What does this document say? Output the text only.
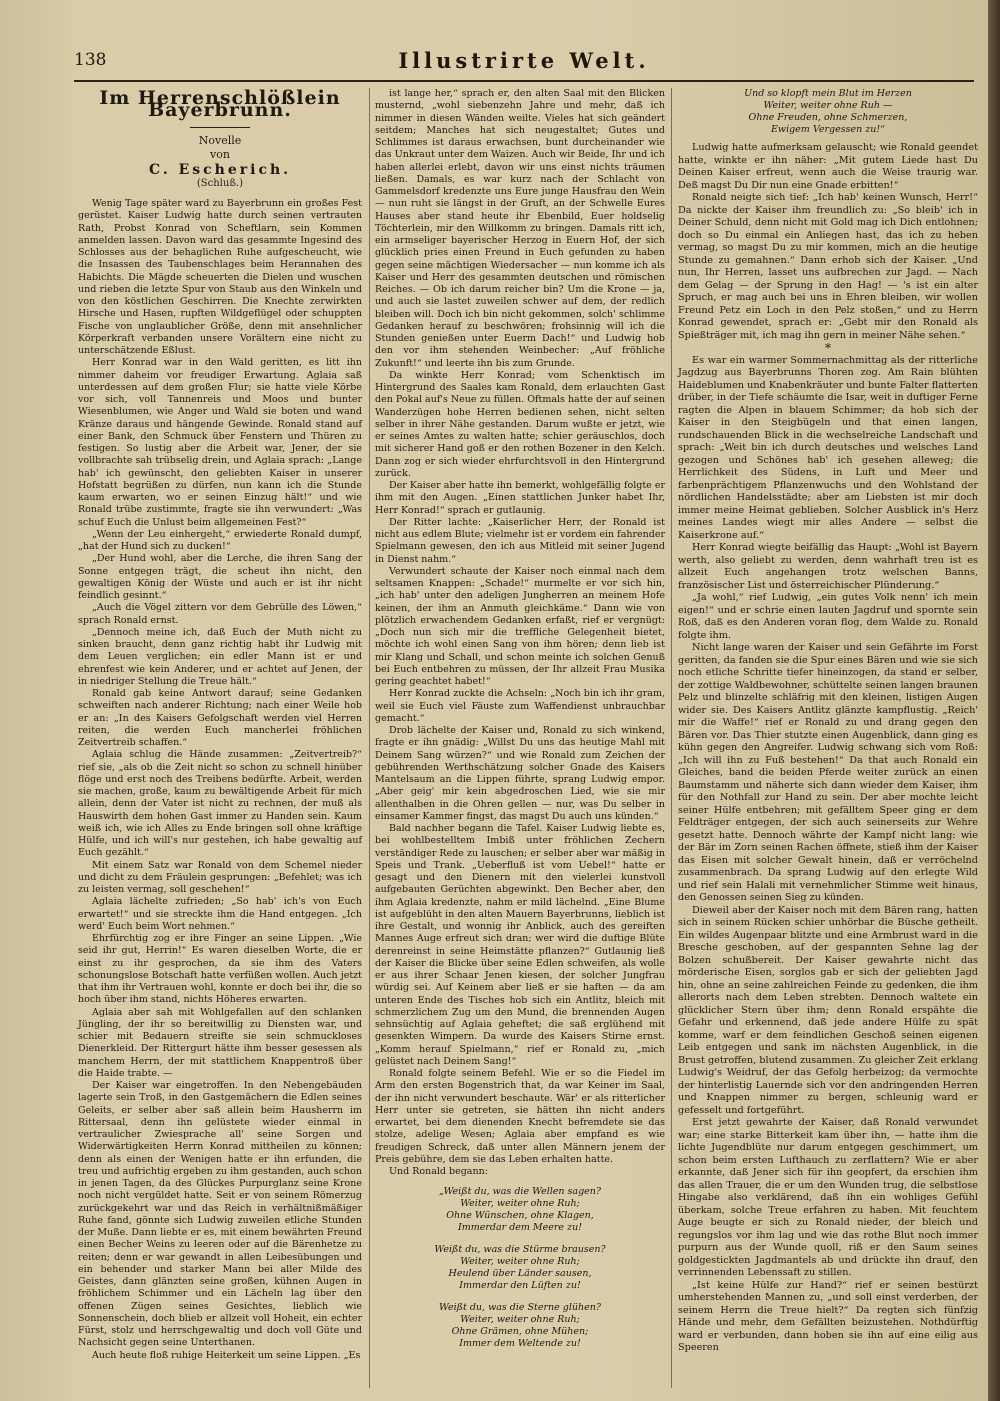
138	Illustrirte Welt.
Im Herrenschlößlein Bayerbrunn.
Novelle
von
C. Escherich.
(Schluß.)

Wenig Tage später ward zu Bayerbrunn ein großes Fest gerüstet. Kaiser Ludwig hatte durch seinen vertrauten Rath, Probst Konrad von Scheftlarn, sein Kommen anmelden lassen. Davon ward das gesammte Ingesind des Schlosses aus der behaglichen Ruhe aufgescheucht, wie die Insassen des Taubenschlages beim Herannahen des Habichts. Die Mägde scheuerten die Dielen und wuschen und rieben die letzte Spur von Staub aus den Winkeln und von den köstlichen Geschirren. Die Knechte zerwirkten Hirsche und Hasen, rupften Wildgeflügel oder schuppten Fische von unglaublicher Größe, denn mit ansehnlicher Körperkraft verbanden unsere Vorältern eine nicht zu unterschätzende Eßlust.

Herr Konrad war in den Wald geritten, es litt ihn nimmer daheim vor freudiger Erwartung. Aglaia saß unterdessen auf dem großen Flur; sie hatte viele Körbe vor sich, voll Tannenreis und Moos und bunter Wiesenblumen, wie Anger und Wald sie boten und wand Kränze daraus und hängende Gewinde. Ronald stand auf einer Bank, den Schmuck über Fenstern und Thüren zu festigen. So lustig aber die Arbeit war, Jener, der sie vollbrachte sah trübselig drein, und Aglaia sprach: „Lange hab' ich gewünscht, den geliebten Kaiser in unserer Hofstatt begrüßen zu dürfen, nun kann ich die Stunde kaum erwarten, wo er seinen Einzug hält!“ und wie Ronald trübe zustimmte, fragte sie ihn verwundert: „Was schuf Euch die Unlust beim allgemeinen Fest?“

„Wenn der Leu einhergeht,“ erwiederte Ronald dumpf, „hat der Hund sich zu ducken!“

„Der Hund wohl, aber die Lerche, die ihren Sang der Sonne entgegen trägt, die scheut ihn nicht, den gewaltigen König der Wüste und auch er ist ihr nicht feindlich gesinnt.“

„Auch die Vögel zittern vor dem Gebrülle des Löwen,“ sprach Ronald ernst.

„Dennoch meine ich, daß Euch der Muth nicht zu sinken braucht, denn ganz richtig habt ihr Ludwig mit dem Leuen verglichen; ein edler Mann ist er und ehrenfest wie kein Anderer, und er achtet auf Jenen, der in niedriger Stellung die Treue hält.“

Ronald gab keine Antwort darauf; seine Gedanken schweiften nach anderer Richtung; nach einer Weile hob er an: „In des Kaisers Gefolgschaft werden viel Herren reiten, die werden Euch mancherlei fröhlichen Zeitvertreib schaffen.“

Aglaia schlug die Hände zusammen: „Zeitvertreib?“ rief sie, „als ob die Zeit nicht so schon zu schnell hinüber flöge und erst noch des Treibens bedürfte. Arbeit, werden sie machen, große, kaum zu bewältigende Arbeit für mich allein, denn der Vater ist nicht zu rechnen, der muß als Hauswirth dem hohen Gast immer zu Handen sein. Kaum weiß ich, wie ich Alles zu Ende bringen soll ohne kräftige Hülfe, und ich will's nur gestehen, ich habe gewaltig auf Euch gezählt.“

Mit einem Satz war Ronald von dem Schemel nieder und dicht zu dem Fräulein gesprungen: „Befehlet; was ich zu leisten vermag, soll geschehen!“

Aglaia lächelte zufrieden; „So hab' ich's von Euch erwartet!“ und sie streckte ihm die Hand entgegen. „Ich werd' Euch beim Wort nehmen.“

Ehrfürchtig zog er ihre Finger an seine Lippen. „Wie seid ihr gut, Herrin!“ Es waren dieselben Worte, die er einst zu ihr gesprochen, da sie ihm des Vaters schonungslose Botschaft hatte verfüßen wollen. Auch jetzt that ihm ihr Vertrauen wohl, konnte er doch bei ihr, die so hoch über ihm stand, nichts Höheres erwarten.

Aglaia aber sah mit Wohlgefallen auf den schlanken Jüngling, der ihr so bereitwillig zu Diensten war, und schier mit Bedauern streifte sie sein schmuckloses Dienerkleid. Der Rittergurt hätte ihm besser gesessen als manchem Herrn, der mit stattlichem Knappentroß über die Haide trabte. —

Der Kaiser war eingetroffen. In den Nebengebäuden lagerte sein Troß, in den Gastgemächern die Edlen seines Geleits, er selber aber saß allein beim Hausherrn im Rittersaal, denn ihn gelüstete wieder einmal in vertraulicher Zwiesprache all' seine Sorgen und Widerwärtigkeiten Herrn Konrad mittheilen zu können; denn als einen der Wenigen hatte er ihn erfunden, die treu und aufrichtig ergeben zu ihm gestanden, auch schon in jenen Tagen, da des Glückes Purpurglanz seine Krone noch nicht vergüldet hatte. Seit er von seinem Römerzug zurückgekehrt war und das Reich in verhältnißmäßiger Ruhe fand, gönnte sich Ludwig zuweilen etliche Stunden der Muße. Dann liebte er es, mit einem bewährten Freund einen Becher Weins zu leeren oder auf die Bärenhetze zu reiten; denn er war gewandt in allen Leibesübungen und ein behender und starker Mann bei aller Milde des Geistes, dann glänzten seine großen, kühnen Augen in fröhlichem Schimmer und ein Lächeln lag über den offenen Zügen seines Gesichtes, lieblich wie Sonnenschein, doch blieb er allzeit voll Hoheit, ein echter Fürst, stolz und herrschgewaltig und doch voll Güte und Nachsicht gegen seine Unterthanen.

Auch heute floß ruhige Heiterkeit um seine Lippen. „Es

ist lange her,“ sprach er, den alten Saal mit den Blicken musternd, „wohl siebenzehn Jahre und mehr, daß ich nimmer in diesen Wänden weilte. Vieles hat sich geändert seitdem; Manches hat sich neugestaltet; Gutes und Schlimmes ist daraus erwachsen, bunt durcheinander wie das Unkraut unter dem Waizen. Auch wir Beide, Ihr und ich haben allerlei erlebt, davon wir uns einst nichts träumen ließen. Damals, es war kurz nach der Schlacht von Gammelsdorf kredenzte uns Eure junge Hausfrau den Wein — nun ruht sie längst in der Gruft, an der Schwelle Eures Hauses aber stand heute ihr Ebenbild, Euer holdselig Töchterlein, mir den Willkomm zu bringen. Damals ritt ich, ein armseliger bayerischer Herzog in Euern Hof, der sich glücklich pries einen Freund in Euch gefunden zu haben gegen seine mächtigen Wiedersacher — nun komme ich als Kaiser und Herr des gesammten deutschen und römischen Reiches. — Ob ich darum reicher bin? Um die Krone — ja, und auch sie lastet zuweilen schwer auf dem, der redlich bleiben will. Doch ich bin nicht gekommen, solch' schlimme Gedanken herauf zu beschwören; frohsinnig will ich die Stunden genießen unter Euerm Dach!“ und Ludwig hob den vor ihm stehenden Weinbecher: „Auf fröhliche Zukunft!“ und leerte ihn bis zum Grunde.

Da winkte Herr Konrad; vom Schenktisch im Hintergrund des Saales kam Ronald, dem erlauchten Gast den Pokal auf's Neue zu füllen. Oftmals hatte der auf seinen Wanderzügen hohe Herren bedienen sehen, nicht selten selber in ihrer Nähe gestanden. Darum wußte er jetzt, wie er seines Amtes zu walten hatte; schier geräuschlos, doch mit sicherer Hand goß er den rothen Bozener in den Kelch. Dann zog er sich wieder ehrfurchtsvoll in den Hintergrund zurück.

Der Kaiser aber hatte ihn bemerkt, wohlgefällig folgte er ihm mit den Augen. „Einen stattlichen Junker habet Ihr, Herr Konrad!“ sprach er gutlaunig.

Der Ritter lachte: „Kaiserlicher Herr, der Ronald ist nicht aus edlem Blute; vielmehr ist er vordem ein fahrender Spielmann gewesen, den ich aus Mitleid mit seiner Jugend in Dienst nahm.“

Verwundert schaute der Kaiser noch einmal nach dem seltsamen Knappen: „Schade!“ murmelte er vor sich hin, „ich hab' unter den adeligen Jungherren an meinem Hofe keinen, der ihm an Anmuth gleichkäme.“ Dann wie von plötzlich erwachendem Gedanken erfaßt, rief er vergnügt: „Doch nun sich mir die treffliche Gelegenheit bietet, möchte ich wohl einen Sang von ihm hören; denn lieb ist mir Klang und Schall, und schon meinte ich solchen Genuß bei Euch entbehren zu müssen, der Ihr allzeit Frau Musika gering geachtet habet!“

Herr Konrad zuckte die Achseln: „Noch bin ich ihr gram, weil sie Euch viel Fäuste zum Waffendienst unbrauchbar gemacht.“

Drob lächelte der Kaiser und, Ronald zu sich winkend, fragte er ihn gnädig: „Willst Du uns das heutige Mahl mit Deinem Sang würzen?“ und wie Ronald zum Zeichen der gebührenden Werthschätzung solcher Gnade des Kaisers Mantelsaum an die Lippen führte, sprang Ludwig empor. „Aber geig' mir kein abgedroschen Lied, wie sie mir allenthalben in die Ohren gellen — nur, was Du selber in einsamer Kammer fingst, das magst Du auch uns künden.“

Bald nachher begann die Tafel. Kaiser Ludwig liebte es, bei wohlbestelltem Imbiß unter fröhlichen Zechern verständiger Rede zu lauschen; er selber aber war mäßig in Speis und Trank. „Ueberfluß ist vom Uebel!“ hatte er gesagt und den Dienern mit den vielerlei kunstvoll aufgebauten Gerüchten abgewinkt. Den Becher aber, den ihm Aglaia kredenzte, nahm er mild lächelnd. „Eine Blume ist aufgeblüht in den alten Mauern Bayerbrunns, lieblich ist ihre Gestalt, und wonnig ihr Anblick, auch des gereiften Mannes Auge erfreut sich dran; wer wird die duftige Blüte derenreinst in seine Heimstätte pflanzen?“ Gutlaunig ließ der Kaiser die Blicke über seine Edlen schweifen, als wolle er aus ihrer Schaar Jenen kiesen, der solcher Jungfrau würdig sei. Auf Keinem aber ließ er sie haften — da am unteren Ende des Tisches hob sich ein Antlitz, bleich mit schmerzlichem Zug um den Mund, die brennenden Augen sehnsüchtig auf Aglaia geheftet; die saß erglühend mit gesenkten Wimpern. Da wurde des Kaisers Stirne ernst. „Komm herauf Spielmann,“ rief er Ronald zu, „mich gelüstet nach Deinem Sang!“

Ronald folgte seinem Befehl. Wie er so die Fiedel im Arm den ersten Bogenstrich that, da war Keiner im Saal, der ihn nicht verwundert beschaute. Wär' er als ritterlicher Herr unter sie getreten, sie hätten ihn nicht anders erwartet, bei dem dienenden Knecht befremdete sie das stolze, adelige Wesen; Aglaia aber empfand es wie freudigen Schreck, daß unter allen Männern jenem der Preis gebühre, dem sie das Leben erhalten hatte.

Und Ronald begann:

„Weißt du, was die Wellen sagen?
Weiter, weiter ohne Ruh;
Ohne Wünschen, ohne Klagen,
Immerdar dem Meere zu!
Weißt du, was die Stürme brausen?
Weiter, weiter ohne Ruh;
Heulend über Länder sausen,
Immerdar den Lüften zu!
Weißt du, was die Sterne glühen?
Weiter, weiter ohne Ruh;
Ohne Grämen, ohne Mühen;
Immer dem Weltende zu!
Und so klopft mein Blut im Herzen
Weiter, weiter ohne Ruh —
Ohne Freuden, ohne Schmerzen,
Ewigem Vergessen zu!“

Ludwig hatte aufmerksam gelauscht; wie Ronald geendet hatte, winkte er ihn näher: „Mit gutem Liede hast Du Deinen Kaiser erfreut, wenn auch die Weise traurig war. Deß magst Du Dir nun eine Gnade erbitten!“

Ronald neigte sich tief: „Ich hab' keinen Wunsch, Herr!“ Da nickte der Kaiser ihm freundlich zu: „So bleib' ich in Deiner Schuld, denn nicht mit Gold mag ich Dich entlohnen; doch so Du einmal ein Anliegen hast, das ich zu heben vermag, so magst Du zu mir kommen, mich an die heutige Stunde zu gemahnen.“ Dann erhob sich der Kaiser. „Und nun, Ihr Herren, lasset uns aufbrechen zur Jagd. — Nach dem Gelag — der Sprung in den Hag! — 's ist ein alter Spruch, er mag auch bei uns in Ehren bleiben, wir wollen Freund Petz ein Loch in den Pelz stoßen,“ und zu Herrn Konrad gewendet, sprach er: „Gebt mir den Ronald als Spießträger mit, ich mag ihn gern in meiner Nähe sehen.“

*

Es war ein warmer Sommernachmittag als der ritterliche Jagdzug aus Bayerbrunns Thoren zog. Am Rain blühten Haideblumen und Knabenkräuter und bunte Falter flatterten drüber, in der Tiefe schäumte die Isar, weit in duftiger Ferne ragten die Alpen in blauem Schimmer; da hob sich der Kaiser in den Steigbügeln und that einen langen, rundschauenden Blick in die wechselreiche Landschaft und sprach: „Weit bin ich durch deutsches und welsches Land gezogen und Schönes hab' ich gesehen alleweg; die Herrlichkeit des Südens, in Luft und Meer und farbenprächtigem Pflanzenwuchs und den Wohlstand der nördlichen Handelsstädte; aber am Liebsten ist mir doch immer meine Heimat geblieben. Solcher Ausblick in's Herz meines Landes wiegt mir alles Andere — selbst die Kaiserkrone auf.“

Herr Konrad wiegte beifällig das Haupt: „Wohl ist Bayern werth, also geliebt zu werden, denn wahrhaft treu ist es allzeit Euch angehangen trotz welschen Banns, französischer List und österreichischer Plünderung.“

„Ja wohl,“ rief Ludwig, „ein gutes Volk nenn' ich mein eigen!“ und er schrie einen lauten Jagdruf und spornte sein Roß, daß es den Anderen voran flog, dem Walde zu. Ronald folgte ihm.

Nicht lange waren der Kaiser und sein Gefährte im Forst geritten, da fanden sie die Spur eines Bären und wie sie sich noch etliche Schritte tiefer hineinzogen, da stand er selber, der zottige Waldbewohner, schüttelte seinen langen braunen Pelz und blinzelte schläfrig mit den kleinen, listigen Augen wider sie. Des Kaisers Antlitz glänzte kampflustig. „Reich' mir die Waffe!“ rief er Ronald zu und drang gegen den Bären vor. Das Thier stutzte einen Augenblick, dann ging es kühn gegen den Angreifer. Ludwig schwang sich vom Roß: „Ich will ihn zu Fuß bestehen!“ Da that auch Ronald ein Gleiches, band die beiden Pferde weiter zurück an einen Baumstamm und näherte sich dann wieder dem Kaiser, ihm für den Nothfall zur Hand zu sein. Der aber mochte leicht seiner Hülfe entbehren; mit gefälltem Speer ging er dem Feldträger entgegen, der sich auch seinerseits zur Wehre gesetzt hatte. Dennoch währte der Kampf nicht lang: wie der Bär im Zorn seinen Rachen öffnete, stieß ihm der Kaiser das Eisen mit solcher Gewalt hinein, daß er verröchelnd zusammenbrach. Da sprang Ludwig auf den erlegte Wild und rief sein Halali mit vernehmlicher Stimme weit hinaus, den Genossen seinen Sieg zu künden.

Dieweil aber der Kaiser noch mit dem Bären rang, hatten sich in seinem Rücken schier unhörbar die Büsche getheilt. Ein wildes Augenpaar blitzte und eine Armbrust ward in die Bresche geschoben, auf der gespannten Sehne lag der Bolzen schußbereit. Der Kaiser gewahrte nicht das mörderische Eisen, sorglos gab er sich der geliebten Jagd hin, ohne an seine zahlreichen Feinde zu gedenken, die ihm allerorts nach dem Leben strebten. Dennoch waltete ein glücklicher Stern über ihm; denn Ronald erspähte die Gefahr und erkennend, daß jede andere Hülfe zu spät komme, warf er dem feindlichen Geschoß seinen eigenen Leib entgegen und sank im nächsten Augenblick, in die Brust getroffen, blutend zusammen. Zu gleicher Zeit erklang Ludwig's Weidruf, der das Gefolg herbeizog; da vermochte der hinterlistig Lauernde sich vor den andringenden Herren und Knappen nimmer zu bergen, schleunig ward er gefesselt und fortgeführt.

Erst jetzt gewahrte der Kaiser, daß Ronald verwundet war; eine starke Bitterkeit kam über ihn, — hatte ihm die lichte Jugendblüte nur darum entgegen geschimmert, um schon beim ersten Lufthauch zu zerflattern? Wie er aber erkannte, daß Jener sich für ihn geopfert, da erschien ihm das allen Trauer, die er um den Wunden trug, die selbstlose Hingabe also verklärend, daß ihn ein wohliges Gefühl überkam, solche Treue erfahren zu haben. Mit feuchtem Auge beugte er sich zu Ronald nieder, der bleich und regungslos vor ihm lag und wie das rothe Blut noch immer purpurn aus der Wunde quoll, riß er den Saum seines goldgestickten Jagdmantels ab und drückte ihn drauf, den verrinnenden Lebenssaft zu stillen.

„Ist keine Hülfe zur Hand?“ rief er seinen bestürzt umherstehenden Mannen zu, „und soll einst verderben, der seinem Herrn die Treue hielt?“ Da regten sich fünfzig Hände und mehr, dem Gefällten beizustehen. Nothdürftig ward er verbunden, dann hoben sie ihn auf eine eilig aus Speeren
